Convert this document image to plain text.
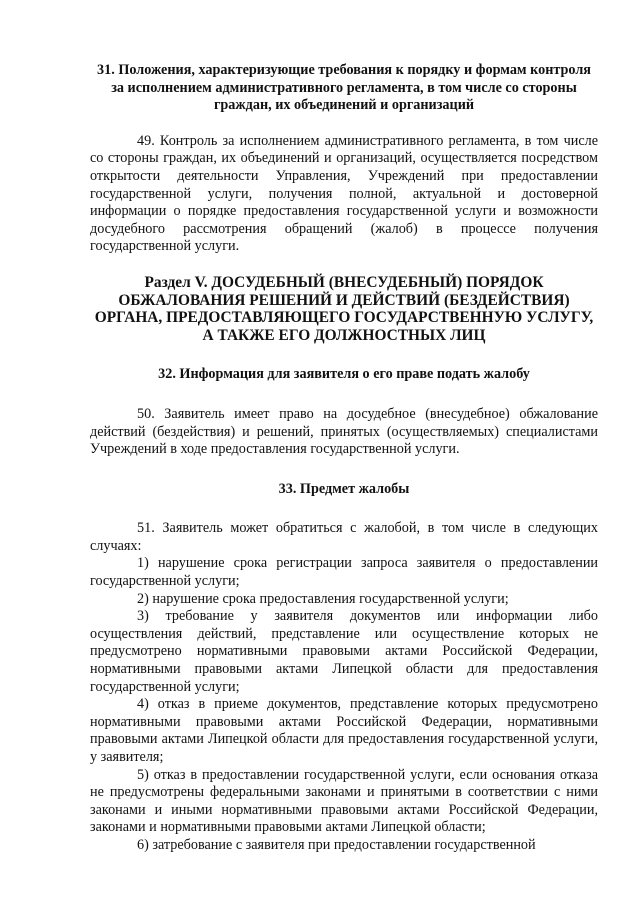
31. Положения, характеризующие требования к порядку и формам контроля за исполнением административного регламента, в том числе со стороны граждан, их объединений и организаций

49. Контроль за исполнением административного регламента, в том числе со стороны граждан, их объединений и организаций, осуществляется посредством открытости деятельности Управления, Учреждений при предоставлении государственной услуги, получения полной, актуальной и достоверной информации о порядке предоставления государственной услуги и возможности досудебного рассмотрения обращений (жалоб) в процессе получения государственной услуги.

Раздел V. ДОСУДЕБНЫЙ (ВНЕСУДЕБНЫЙ) ПОРЯДОК ОБЖАЛОВАНИЯ РЕШЕНИЙ И ДЕЙСТВИЙ (БЕЗДЕЙСТВИЯ) ОРГАНА, ПРЕДОСТАВЛЯЮЩЕГО ГОСУДАРСТВЕННУЮ УСЛУГУ, А ТАКЖЕ ЕГО ДОЛЖНОСТНЫХ ЛИЦ

32. Информация для заявителя о его праве подать жалобу

50. Заявитель имеет право на досудебное (внесудебное) обжалование действий (бездействия) и решений, принятых (осуществляемых) специалистами Учреждений в ходе предоставления государственной услуги.

33. Предмет жалобы

51. Заявитель может обратиться с жалобой, в том числе в следующих случаях:

1) нарушение срока регистрации запроса заявителя о предоставлении государственной услуги;

2) нарушение срока предоставления государственной услуги;

3) требование у заявителя документов или информации либо осуществления действий, представление или осуществление которых не предусмотрено нормативными правовыми актами Российской Федерации, нормативными правовыми актами Липецкой области для предоставления государственной услуги;

4) отказ в приеме документов, представление которых предусмотрено нормативными правовыми актами Российской Федерации, нормативными правовыми актами Липецкой области для предоставления государственной услуги, у заявителя;

5) отказ в предоставлении государственной услуги, если основания отказа не предусмотрены федеральными законами и принятыми в соответствии с ними законами и иными нормативными правовыми актами Российской Федерации, законами и нормативными правовыми актами Липецкой области;

6) затребование с заявителя при предоставлении государственной
